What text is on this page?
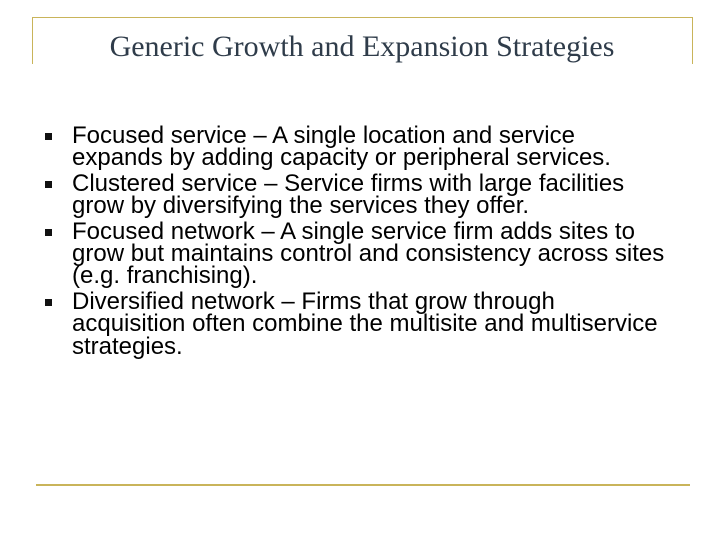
Generic Growth and Expansion Strategies
Focused service – A single location and service expands by adding capacity or peripheral services.
Clustered service – Service firms with large facilities grow by diversifying the services they offer.
Focused network – A single service firm adds sites to grow but maintains control and consistency across sites (e.g. franchising).
Diversified network – Firms that grow through acquisition often combine the multisite and multiservice strategies.
